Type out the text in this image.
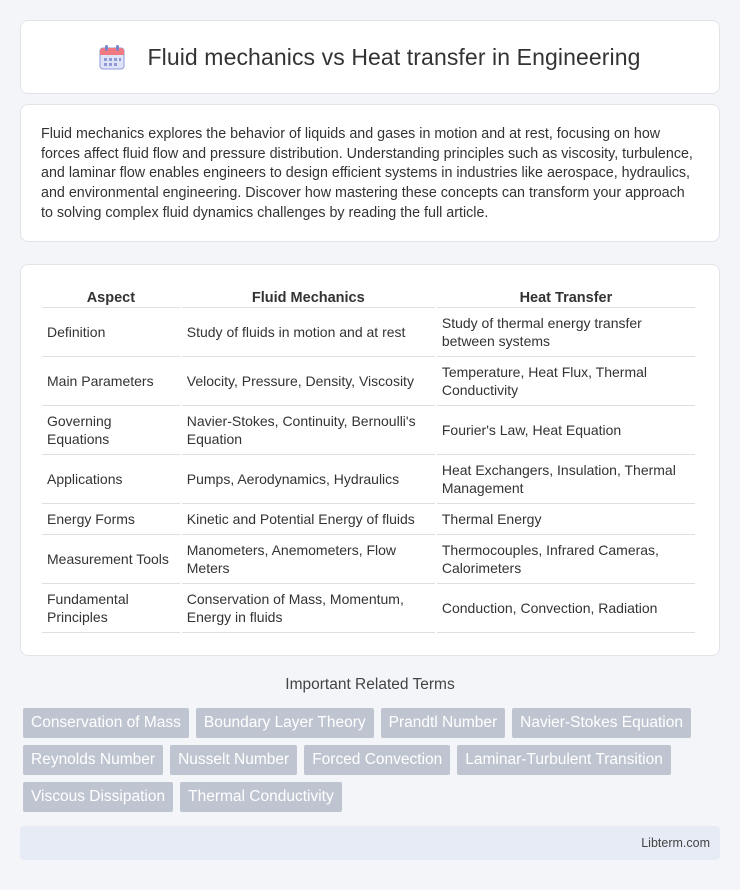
Fluid mechanics vs Heat transfer in Engineering

Fluid mechanics explores the behavior of liquids and gases in motion and at rest, focusing on how forces affect fluid flow and pressure distribution. Understanding principles such as viscosity, turbulence, and laminar flow enables engineers to design efficient systems in industries like aerospace, hydraulics, and environmental engineering. Discover how mastering these concepts can transform your approach to solving complex fluid dynamics challenges by reading the full article.

Aspect	Fluid Mechanics	Heat Transfer
Definition	Study of fluids in motion and at rest	Study of thermal energy transfer between systems
Main Parameters	Velocity, Pressure, Density, Viscosity	Temperature, Heat Flux, Thermal Conductivity
Governing Equations	Navier-Stokes, Continuity, Bernoulli's Equation	Fourier's Law, Heat Equation
Applications	Pumps, Aerodynamics, Hydraulics	Heat Exchangers, Insulation, Thermal Management
Energy Forms	Kinetic and Potential Energy of fluids	Thermal Energy
Measurement Tools	Manometers, Anemometers, Flow Meters	Thermocouples, Infrared Cameras, Calorimeters
Fundamental Principles	Conservation of Mass, Momentum, Energy in fluids	Conduction, Convection, Radiation
Important Related Terms
Conservation of Mass	Boundary Layer Theory	Prandtl Number	Navier-Stokes Equation
Reynolds Number	Nusselt Number	Forced Convection	Laminar-Turbulent Transition
Viscous Dissipation	Thermal Conductivity
Libterm.com
